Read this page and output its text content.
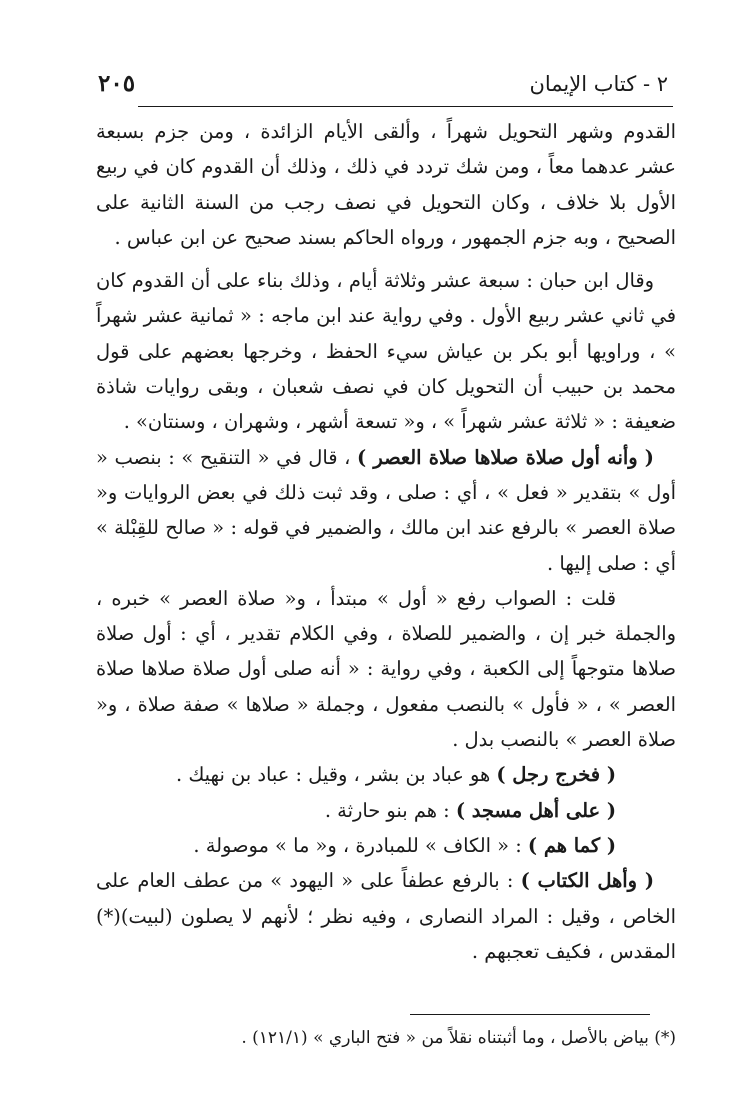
٢ - كتاب الإيمان
٢٠٥

القدوم وشهر التحويل شهراً ، وألقى الأيام الزائدة ، ومن جزم بسبعة عشر عدهما معاً ، ومن شك تردد في ذلك ، وذلك أن القدوم كان في ربيع الأول بلا خلاف ، وكان التحويل في نصف رجب من السنة الثانية على الصحيح ، وبه جزم الجمهور ، ورواه الحاكم بسند صحيح عن ابن عباس .

وقال ابن حبان : سبعة عشر وثلاثة أيام ، وذلك بناء على أن القدوم كان في ثاني عشر ربيع الأول . وفي رواية عند ابن ماجه : « ثمانية عشر شهراً » ، وراويها أبو بكر بن عياش سيء الحفظ ، وخرجها بعضهم على قول محمد بن حبيب أن التحويل كان في نصف شعبان ، وبقى روايات شاذة ضعيفة : « ثلاثة عشر شهراً » ، و« تسعة أشهر ، وشهران ، وسنتان» .

( وأنه أول صلاة صلاها صلاة العصر ) ، قال في « التنقيح » : بنصب « أول » بتقدير « فعل » ، أي : صلى ، وقد ثبت ذلك في بعض الروايات و« صلاة العصر » بالرفع عند ابن مالك ، والضمير في قوله : « صالح للقِبْلة » أي : صلى إليها .

قلت : الصواب رفع « أول » مبتدأ ، و« صلاة العصر » خبره ، والجملة خبر إن ، والضمير للصلاة ، وفي الكلام تقدير ، أي : أول صلاة صلاها متوجهاً إلى الكعبة ، وفي رواية : « أنه صلى أول صلاة صلاها صلاة العصر » ، « فأول » بالنصب مفعول ، وجملة « صلاها » صفة صلاة ، و« صلاة العصر » بالنصب بدل .

( فخرج رجل ) هو عباد بن بشر ، وقيل : عباد بن نهيك .

( على أهل مسجد ) : هم بنو حارثة .

( كما هم ) : « الكاف » للمبادرة ، و« ما » موصولة .

( وأهل الكتاب ) : بالرفع عطفاً على « اليهود » من عطف العام على الخاص ، وقيل : المراد النصارى ، وفيه نظر ؛ لأنهم لا يصلون (لبيت)(*) المقدس ، فكيف تعجبهم .

(*) بياض بالأصل ، وما أثبتناه نقلاً من « فتح الباري » (١٢١/١) .
